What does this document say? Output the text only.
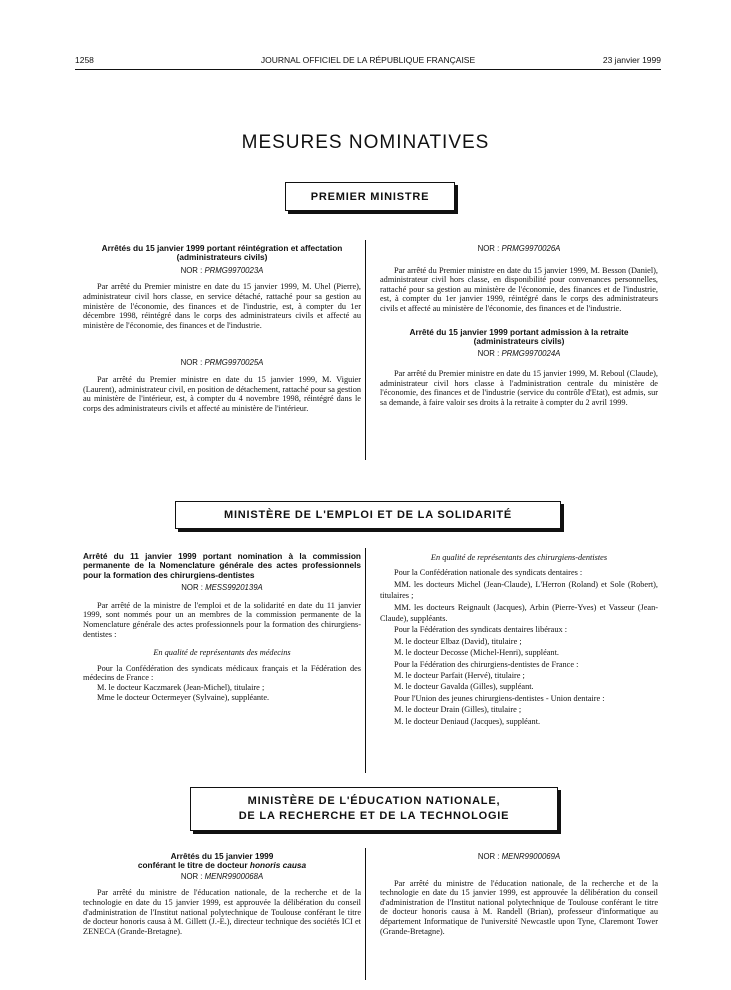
1258	JOURNAL OFFICIEL DE LA RÉPUBLIQUE FRANÇAISE	23 janvier 1999
MESURES NOMINATIVES
PREMIER MINISTRE
Arrêtés du 15 janvier 1999 portant réintégration et affectation (administrateurs civils)
NOR : PRMG9970023A

Par arrêté du Premier ministre en date du 15 janvier 1999, M. Uhel (Pierre), administrateur civil hors classe, en service détaché, rattaché pour sa gestion au ministère de l'économie, des finances et de l'industrie, est, à compter du 1er décembre 1998, réintégré dans le corps des administrateurs civils et affecté au ministère de l'économie, des finances et de l'industrie.

NOR : PRMG9970025A

Par arrêté du Premier ministre en date du 15 janvier 1999, M. Viguier (Laurent), administrateur civil, en position de détachement, rattaché pour sa gestion au ministère de l'intérieur, est, à compter du 4 novembre 1998, réintégré dans le corps des administrateurs civils et affecté au ministère de l'intérieur.

NOR : PRMG9970026A

Par arrêté du Premier ministre en date du 15 janvier 1999, M. Besson (Daniel), administrateur civil hors classe, en disponibilité pour convenances personnelles, rattaché pour sa gestion au ministère de l'économie, des finances et de l'industrie, est, à compter du 1er janvier 1999, réintégré dans le corps des administrateurs civils et affecté au ministère de l'économie, des finances et de l'industrie.

Arrêté du 15 janvier 1999 portant admission à la retraite (administrateurs civils)
NOR : PRMG9970024A

Par arrêté du Premier ministre en date du 15 janvier 1999, M. Reboul (Claude), administrateur civil hors classe à l'administration centrale du ministère de l'économie, des finances et de l'industrie (service du contrôle d'Etat), est admis, sur sa demande, à faire valoir ses droits à la retraite à compter du 2 avril 1999.

MINISTÈRE DE L'EMPLOI ET DE LA SOLIDARITÉ
Arrêté du 11 janvier 1999 portant nomination à la commission permanente de la Nomenclature générale des actes professionnels pour la formation des chirurgiens-dentistes
NOR : MESS9920139A

Par arrêté de la ministre de l'emploi et de la solidarité en date du 11 janvier 1999, sont nommés pour un an membres de la commission permanente de la Nomenclature générale des actes professionnels pour la formation des chirurgiens-dentistes :

En qualité de représentants des médecins

Pour la Confédération des syndicats médicaux français et la Fédération des médecins de France :

M. le docteur Kaczmarek (Jean-Michel), titulaire ;

Mme le docteur Octermeyer (Sylvaine), suppléante.

En qualité de représentants des chirurgiens-dentistes

Pour la Confédération nationale des syndicats dentaires :

MM. les docteurs Michel (Jean-Claude), L'Herron (Roland) et Sole (Robert), titulaires ;

MM. les docteurs Reignault (Jacques), Arbin (Pierre-Yves) et Vasseur (Jean-Claude), suppléants.

Pour la Fédération des syndicats dentaires libéraux :

M. le docteur Elbaz (David), titulaire ;

M. le docteur Decosse (Michel-Henri), suppléant.

Pour la Fédération des chirurgiens-dentistes de France :

M. le docteur Parfait (Hervé), titulaire ;

M. le docteur Gavalda (Gilles), suppléant.

Pour l'Union des jeunes chirurgiens-dentistes - Union dentaire :

M. le docteur Drain (Gilles), titulaire ;

M. le docteur Deniaud (Jacques), suppléant.

MINISTÈRE DE L'ÉDUCATION NATIONALE,
DE LA RECHERCHE ET DE LA TECHNOLOGIE
Arrêtés du 15 janvier 1999
conférant le titre de docteur honoris causa
NOR : MENR9900068A

Par arrêté du ministre de l'éducation nationale, de la recherche et de la technologie en date du 15 janvier 1999, est approuvée la délibération du conseil d'administration de l'Institut national polytechnique de Toulouse conférant le titre de docteur honoris causa à M. Gillett (J.-E.), directeur technique des sociétés ICI et ZENECA (Grande-Bretagne).

NOR : MENR9900069A

Par arrêté du ministre de l'éducation nationale, de la recherche et de la technologie en date du 15 janvier 1999, est approuvée la délibération du conseil d'administration de l'Institut national polytechnique de Toulouse conférant le titre de docteur honoris causa à M. Randell (Brian), professeur d'informatique au département Informatique de l'université Newcastle upon Tyne, Claremont Tower (Grande-Bretagne).
